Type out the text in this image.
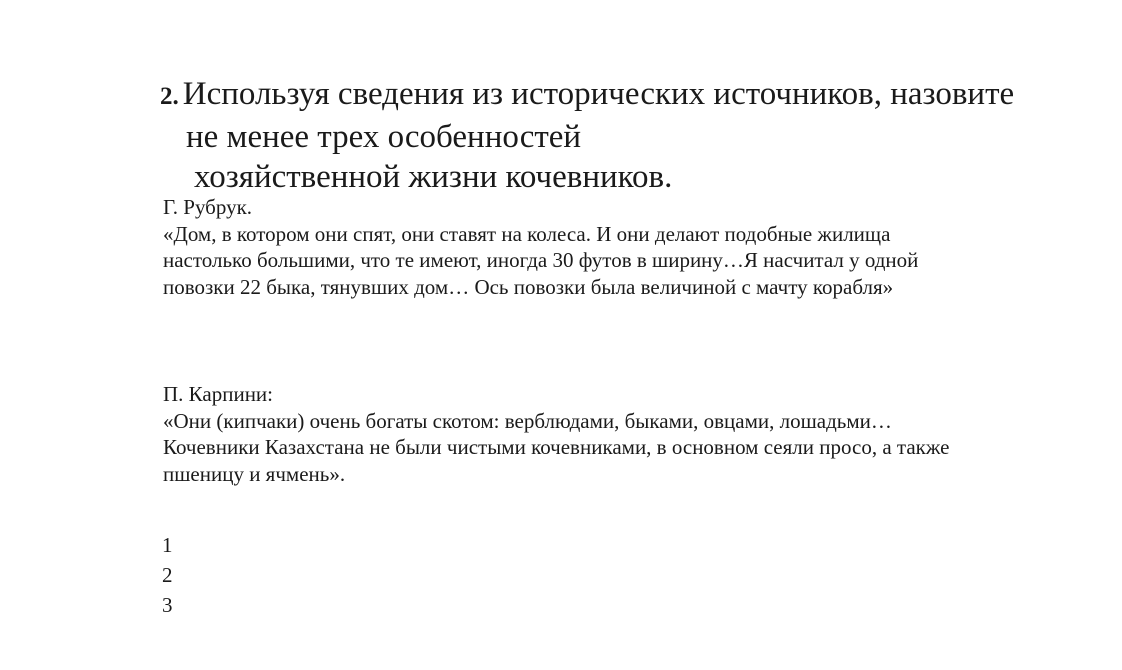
2. Используя сведения из исторических источников, назовите
не менее трех особенностей
хозяйственной жизни кочевников.
Г. Рубрук.
«Дом, в котором они спят, они ставят на колеса. И они делают подобные жилища
настолько большими, что те имеют, иногда 30 футов в ширину…Я насчитал у одной
повозки 22 быка, тянувших дом… Ось повозки была величиной с мачту корабля»
П. Карпини:
«Они (кипчаки) очень богаты скотом: верблюдами, быками, овцами, лошадьми…
Кочевники Казахстана не были чистыми кочевниками, в основном сеяли просо, а также
пшеницу и ячмень».
1
2
3
